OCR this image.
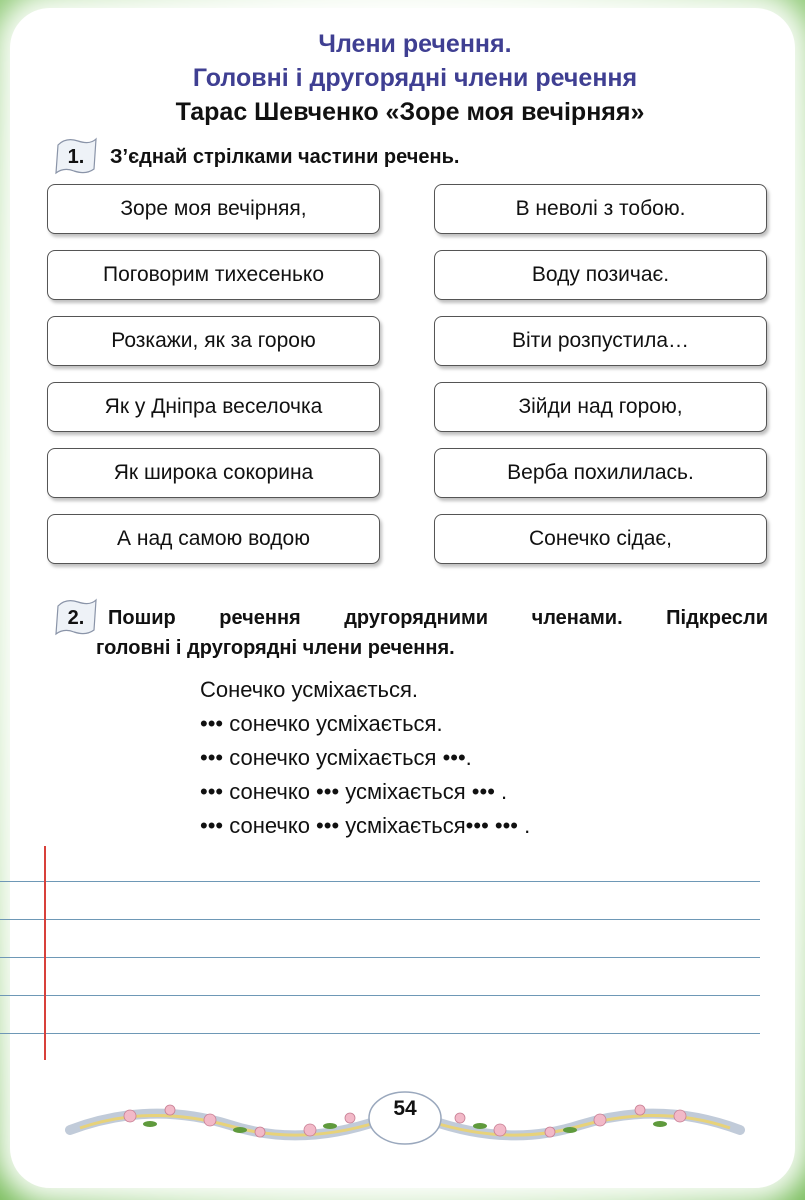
Члени речення.
Головні і другорядні члени речення
Тарас Шевченко «Зоре моя вечірняя»
1. З’єднай стрілками частини речень.
Зоре моя вечірняя,
Поговорим тихесенько
Розкажи, як за горою
Як у Дніпра веселочка
Як широка сокорина
А над самою водою
В неволі з тобою.
Воду позичає.
Віти розпустила…
Зійди над горою,
Верба похилилась.
Сонечко сідає,
2. Пошир речення другорядними членами. Підкресли
головні і другорядні члени речення.
Сонечко усміхається.
••• сонечко усміхається.
••• сонечко усміхається •••.
••• сонечко ••• усміхається ••• .
••• сонечко ••• усміхається••• ••• .
54
